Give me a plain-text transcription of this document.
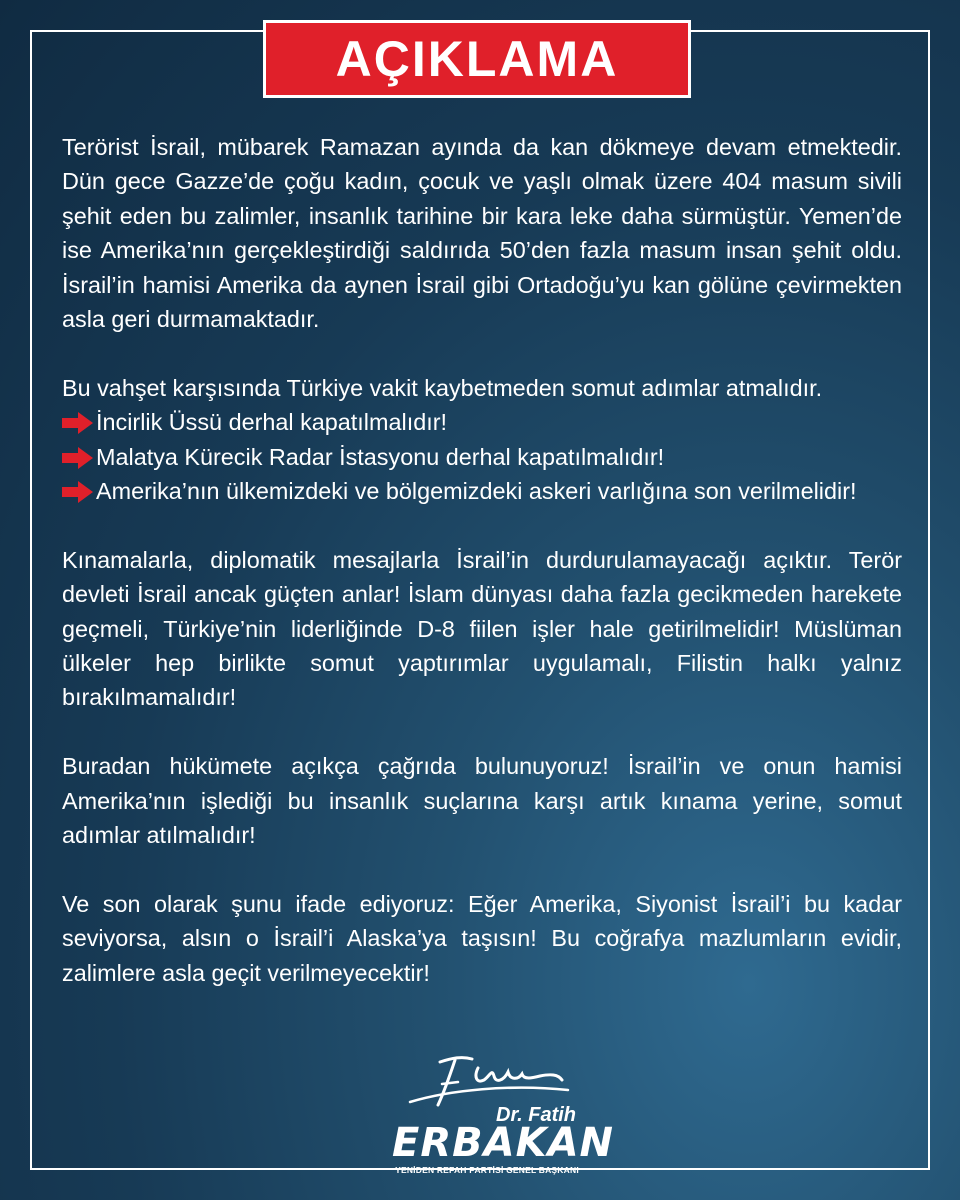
AÇIKLAMA

Terörist İsrail, mübarek Ramazan ayında da kan dökmeye devam etmektedir. Dün gece Gazze’de çoğu kadın, çocuk ve yaşlı olmak üzere 404 masum sivili şehit eden bu zalimler, insanlık tarihine bir kara leke daha sürmüştür. Yemen’de ise Amerika’nın gerçekleştirdiği saldırıda 50’den fazla masum insan şehit oldu. İsrail’in hamisi Amerika da aynen İsrail gibi Ortadoğu’yu kan gölüne çevirmekten asla geri durmamaktadır.

Bu vahşet karşısında Türkiye vakit kaybetmeden somut adımlar atmalıdır.

İncirlik Üssü derhal kapatılmalıdır!
Malatya Kürecik Radar İstasyonu derhal kapatılmalıdır!
Amerika’nın ülkemizdeki ve bölgemizdeki askeri varlığına son verilmelidir!

Kınamalarla, diplomatik mesajlarla İsrail’in durdurulamayacağı açıktır. Terör devleti İsrail ancak güçten anlar! İslam dünyası daha fazla gecikmeden harekete geçmeli, Türkiye’nin liderliğinde D-8 fiilen işler hale getirilmelidir! Müslüman ülkeler hep birlikte somut yaptırımlar uygulamalı, Filistin halkı yalnız bırakılmamalıdır!

Buradan hükümete açıkça çağrıda bulunuyoruz! İsrail’in ve onun hamisi Amerika’nın işlediği bu insanlık suçlarına karşı artık kınama yerine, somut adımlar atılmalıdır!

Ve son olarak şunu ifade ediyoruz: Eğer Amerika, Siyonist İsrail’i bu kadar seviyorsa, alsın o İsrail’i Alaska’ya taşısın! Bu coğrafya mazlumların evidir, zalimlere asla geçit verilmeyecektir!

Dr. Fatih
ERBAKAN
YENİDEN REFAH PARTİSİ GENEL BAŞKANI
